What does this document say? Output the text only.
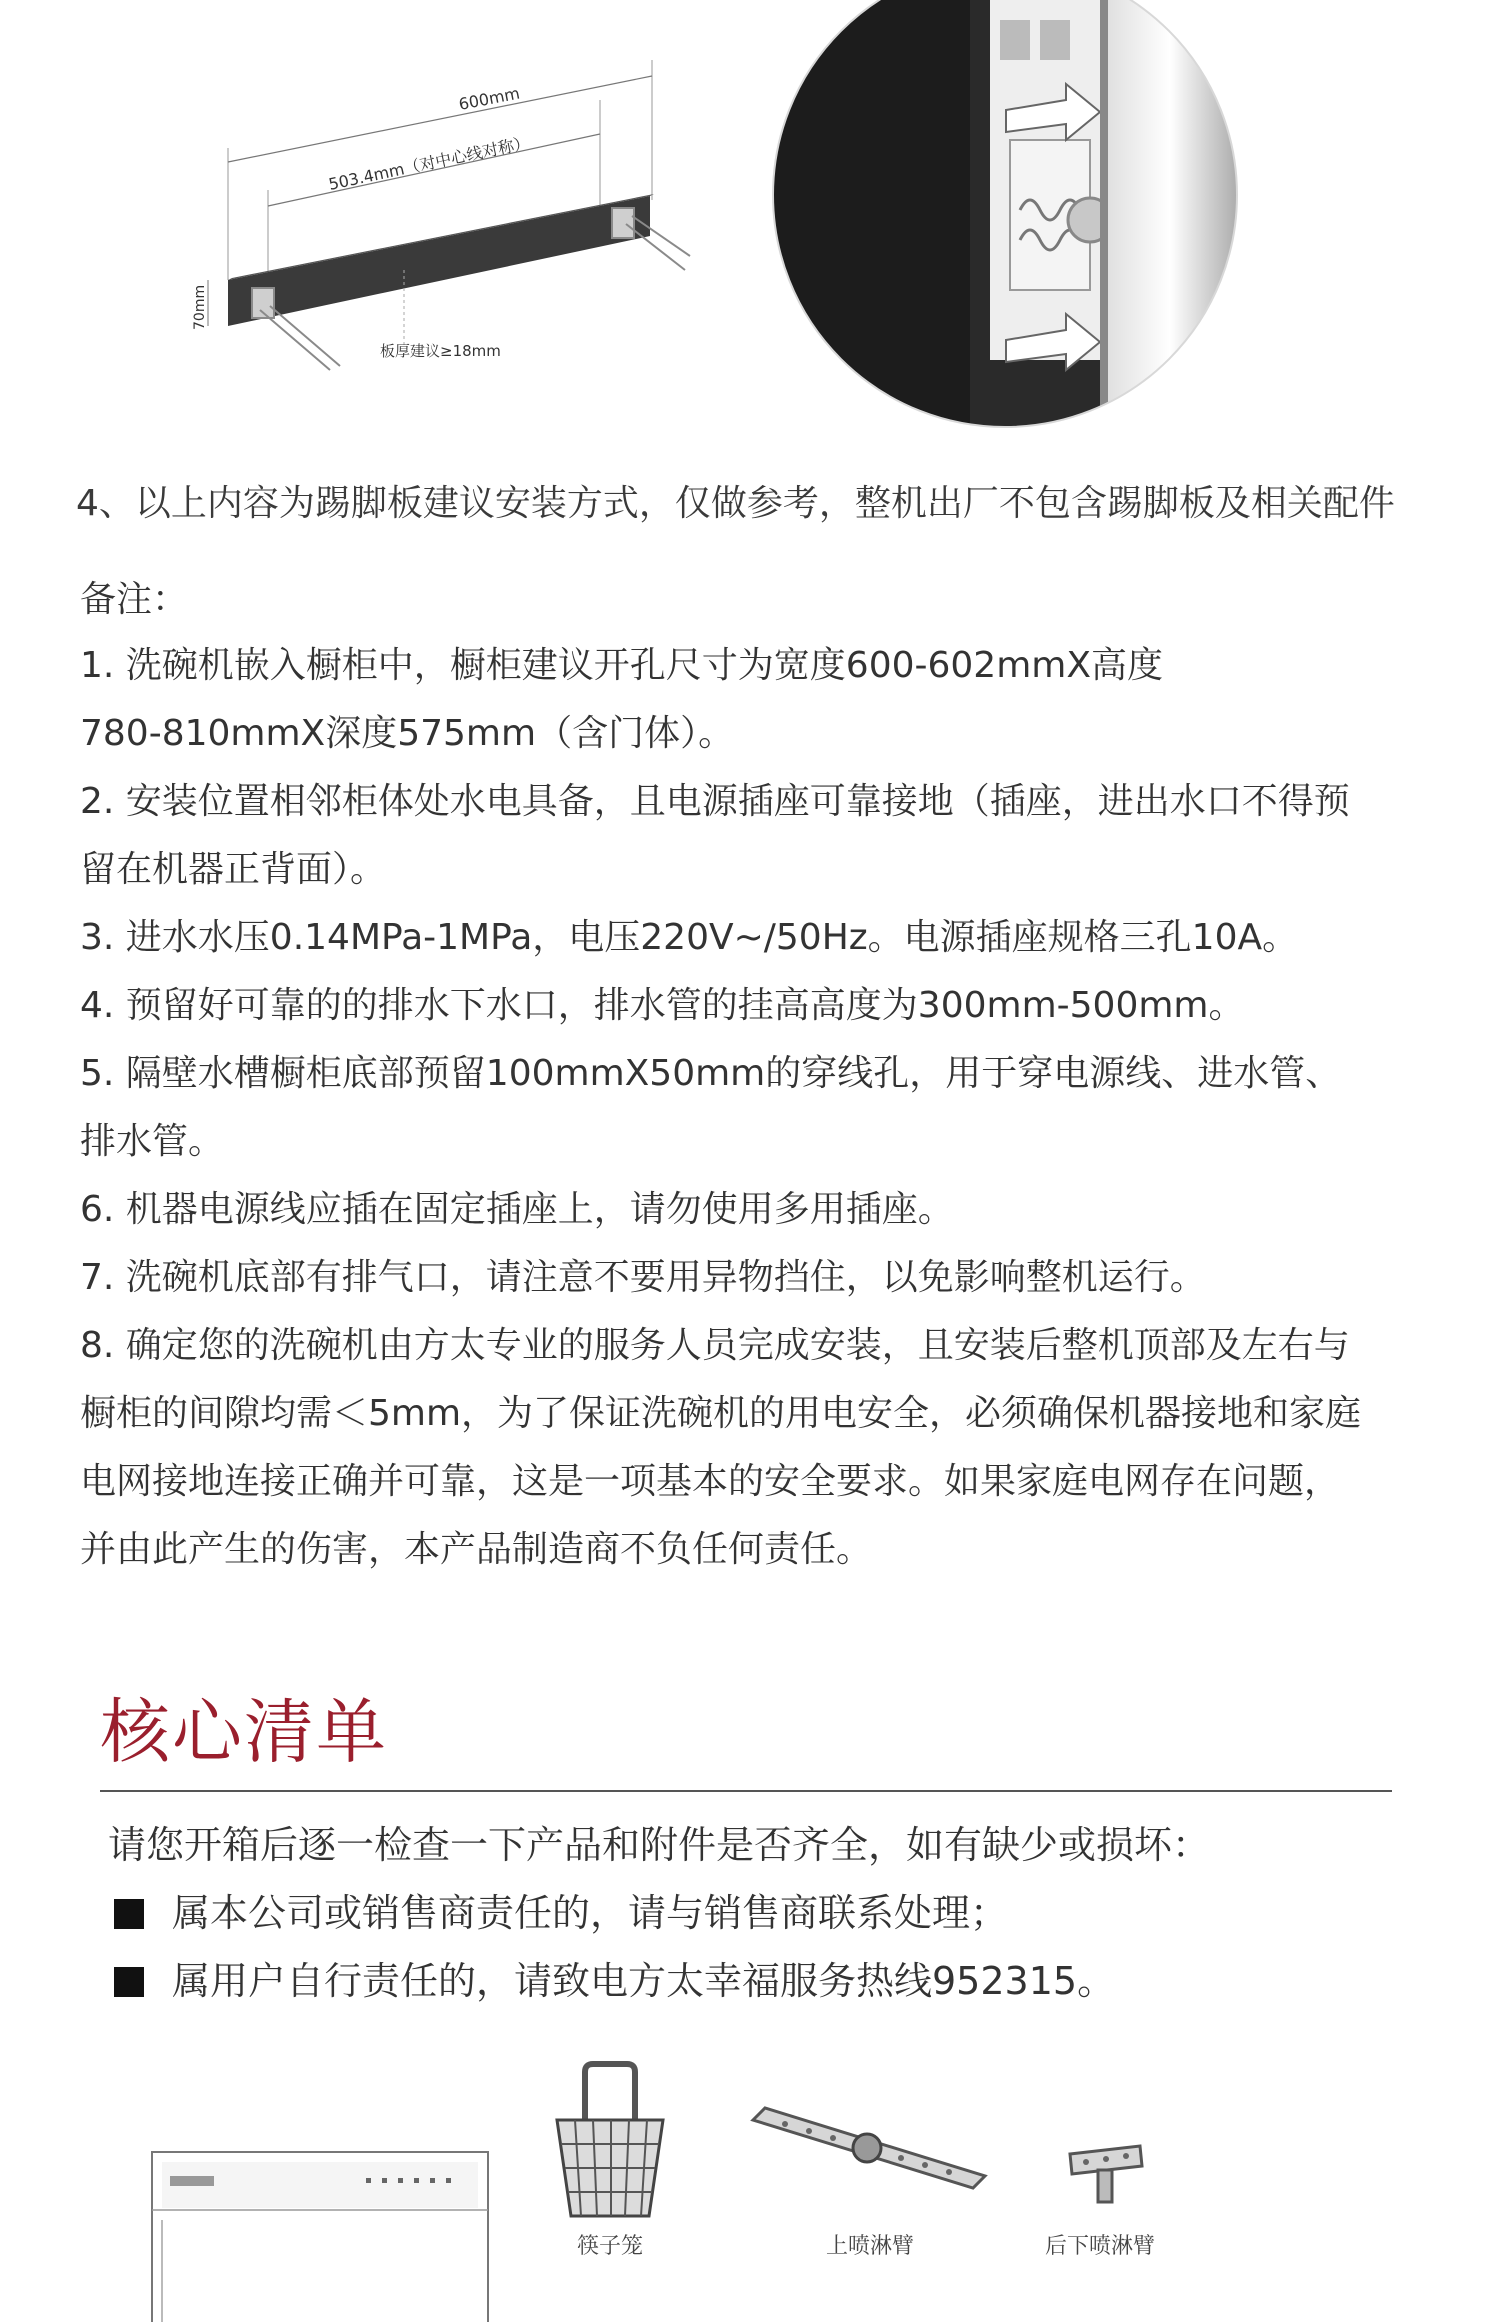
600mm
503.4mm（对中心线对称）
70mm
板厚建议≥18mm
4、以上内容为踢脚板建议安装方式，仅做参考，整机出厂不包含踢脚板及相关配件
备注：
1. 洗碗机嵌入橱柜中，橱柜建议开孔尺寸为宽度600-602mmX高度
780-810mmX深度575mm（含门体）。
2. 安装位置相邻柜体处水电具备，且电源插座可靠接地（插座，进出水口不得预
留在机器正背面）。
3. 进水水压0.14MPa-1MPa，电压220V~/50Hz。电源插座规格三孔10A。
4. 预留好可靠的的排水下水口，排水管的挂高高度为300mm-500mm。
5. 隔壁水槽橱柜底部预留100mmX50mm的穿线孔，用于穿电源线、进水管、
排水管。
6. 机器电源线应插在固定插座上，请勿使用多用插座。
7. 洗碗机底部有排气口，请注意不要用异物挡住，以免影响整机运行。
8. 确定您的洗碗机由方太专业的服务人员完成安装，且安装后整机顶部及左右与
橱柜的间隙均需＜5mm，为了保证洗碗机的用电安全，必须确保机器接地和家庭
电网接地连接正确并可靠，这是一项基本的安全要求。如果家庭电网存在问题，
并由此产生的伤害，本产品制造商不负任何责任。
核心清单
请您开箱后逐一检查一下产品和附件是否齐全，如有缺少或损坏：
属本公司或销售商责任的，请与销售商联系处理；
属用户自行责任的，请致电方太幸福服务热线952315。
筷子笼	上喷淋臂	后下喷淋臂
